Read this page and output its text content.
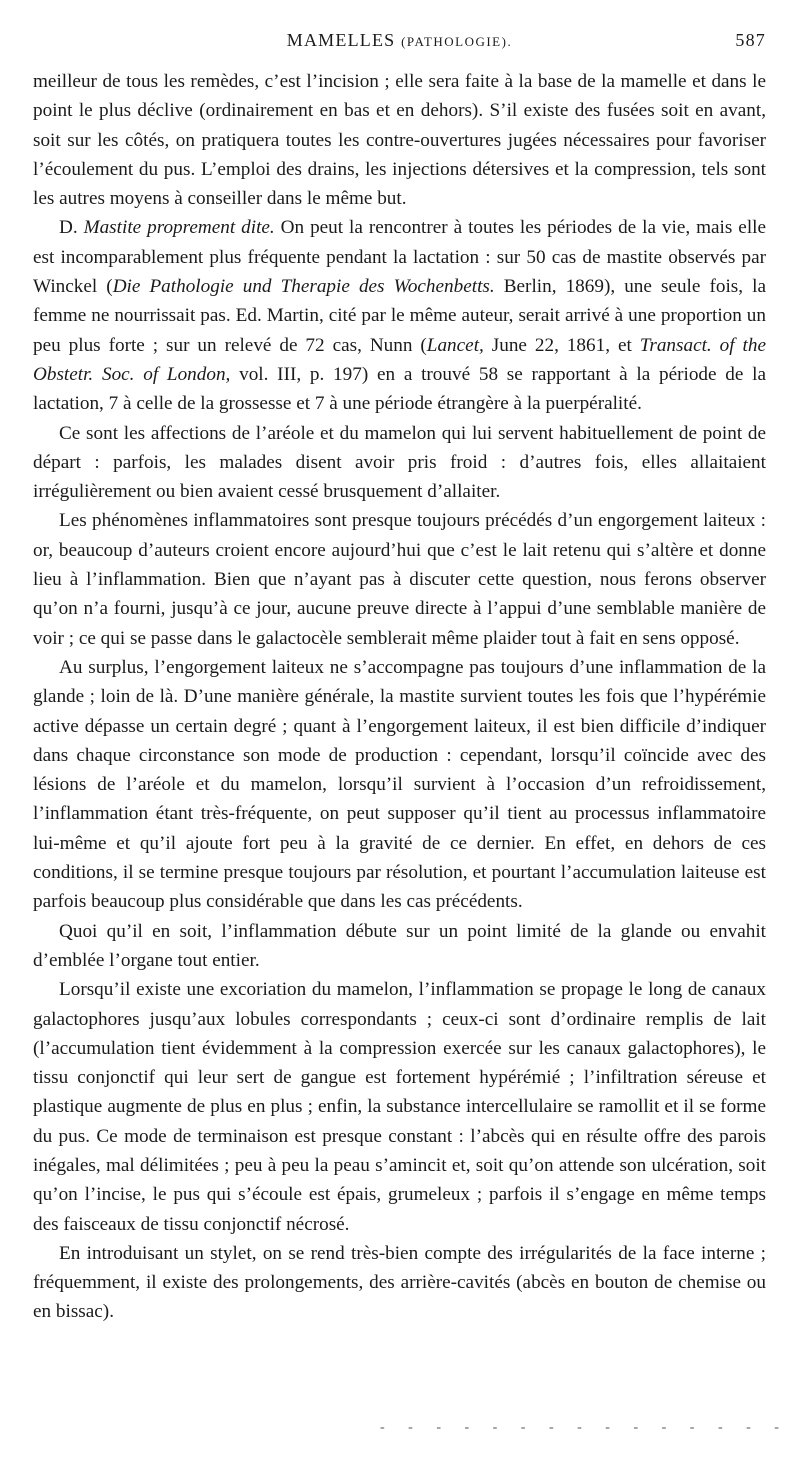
MAMELLES (PATHOLOGIE).	587

meilleur de tous les remèdes, c’est l’incision ; elle sera faite à la base de la mamelle et dans le point le plus déclive (ordinairement en bas et en dehors). S’il existe des fusées soit en avant, soit sur les côtés, on pratiquera toutes les contre-ouvertures jugées nécessaires pour favoriser l’écoulement du pus. L’emploi des drains, les injections détersives et la compression, tels sont les autres moyens à conseiller dans le même but.

D. Mastite proprement dite. On peut la rencontrer à toutes les périodes de la vie, mais elle est incomparablement plus fréquente pendant la lactation : sur 50 cas de mastite observés par Winckel (Die Pathologie und Therapie des Wochenbetts. Berlin, 1869), une seule fois, la femme ne nourrissait pas. Ed. Martin, cité par le même auteur, serait arrivé à une proportion un peu plus forte ; sur un relevé de 72 cas, Nunn (Lancet, June 22, 1861, et Transact. of the Obstetr. Soc. of London, vol. III, p. 197) en a trouvé 58 se rapportant à la période de la lactation, 7 à celle de la grossesse et 7 à une période étrangère à la puerpéralité.

Ce sont les affections de l’aréole et du mamelon qui lui servent habituellement de point de départ : parfois, les malades disent avoir pris froid : d’autres fois, elles allaitaient irrégulièrement ou bien avaient cessé brusquement d’allaiter.

Les phénomènes inflammatoires sont presque toujours précédés d’un engorgement laiteux : or, beaucoup d’auteurs croient encore aujourd’hui que c’est le lait retenu qui s’altère et donne lieu à l’inflammation. Bien que n’ayant pas à discuter cette question, nous ferons observer qu’on n’a fourni, jusqu’à ce jour, aucune preuve directe à l’appui d’une semblable manière de voir ; ce qui se passe dans le galactocèle semblerait même plaider tout à fait en sens opposé.

Au surplus, l’engorgement laiteux ne s’accompagne pas toujours d’une inflammation de la glande ; loin de là. D’une manière générale, la mastite survient toutes les fois que l’hypérémie active dépasse un certain degré ; quant à l’engorgement laiteux, il est bien difficile d’indiquer dans chaque circonstance son mode de production : cependant, lorsqu’il coïncide avec des lésions de l’aréole et du mamelon, lorsqu’il survient à l’occasion d’un refroidissement, l’inflammation étant très-fréquente, on peut supposer qu’il tient au processus inflammatoire lui-même et qu’il ajoute fort peu à la gravité de ce dernier. En effet, en dehors de ces conditions, il se termine presque toujours par résolution, et pourtant l’accumulation laiteuse est parfois beaucoup plus considérable que dans les cas précédents.

Quoi qu’il en soit, l’inflammation débute sur un point limité de la glande ou envahit d’emblée l’organe tout entier.

Lorsqu’il existe une excoriation du mamelon, l’inflammation se propage le long de canaux galactophores jusqu’aux lobules correspondants ; ceux-ci sont d’ordinaire remplis de lait (l’accumulation tient évidemment à la compression exercée sur les canaux galactophores), le tissu conjonctif qui leur sert de gangue est fortement hypérémié ; l’infiltration séreuse et plastique augmente de plus en plus ; enfin, la substance intercellulaire se ramollit et il se forme du pus. Ce mode de terminaison est presque constant : l’abcès qui en résulte offre des parois inégales, mal délimitées ; peu à peu la peau s’amincit et, soit qu’on attende son ulcération, soit qu’on l’incise, le pus qui s’écoule est épais, grumeleux ; parfois il s’engage en même temps des faisceaux de tissu conjonctif nécrosé.

En introduisant un stylet, on se rend très-bien compte des irrégularités de la face interne ; fréquemment, il existe des prolongements, des arrière-cavités (abcès en bouton de chemise ou en bissac).

- - - - - - - - - - - - - - -
